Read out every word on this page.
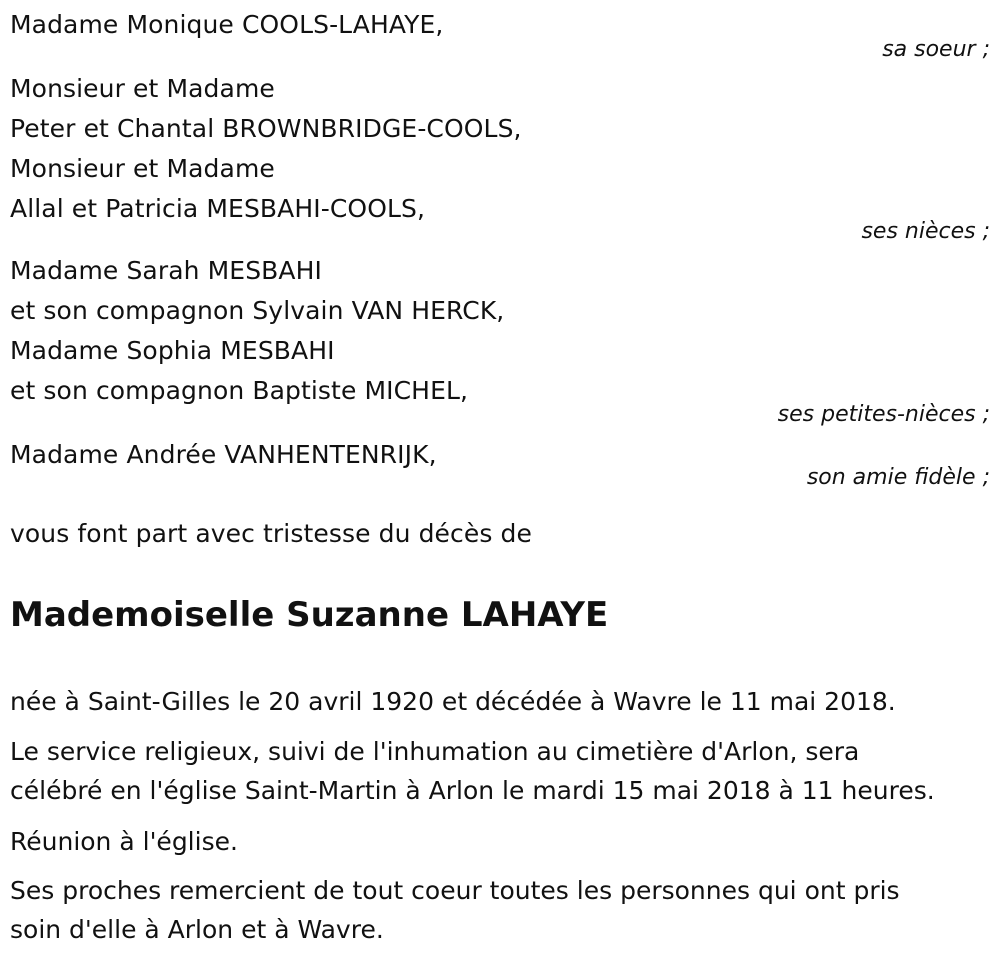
Madame Monique COOLS-LAHAYE,
sa soeur ;
Monsieur et Madame
Peter et Chantal BROWNBRIDGE-COOLS,
Monsieur et Madame
Allal et Patricia MESBAHI-COOLS,
ses nièces ;
Madame Sarah MESBAHI
et son compagnon Sylvain VAN HERCK,
Madame Sophia MESBAHI
et son compagnon Baptiste MICHEL,
ses petites-nièces ;
Madame Andrée VANHENTENRIJK,
son amie fidèle ;
vous font part avec tristesse du décès de
Mademoiselle Suzanne LAHAYE
née à Saint-Gilles le 20 avril 1920 et décédée à Wavre le 11 mai 2018.
Le service religieux, suivi de l'inhumation au cimetière d'Arlon, sera
célébré en l'église Saint-Martin à Arlon le mardi 15 mai 2018 à 11 heures.
Réunion à l'église.
Ses proches remercient de tout coeur toutes les personnes qui ont pris
soin d'elle à Arlon et à Wavre.
